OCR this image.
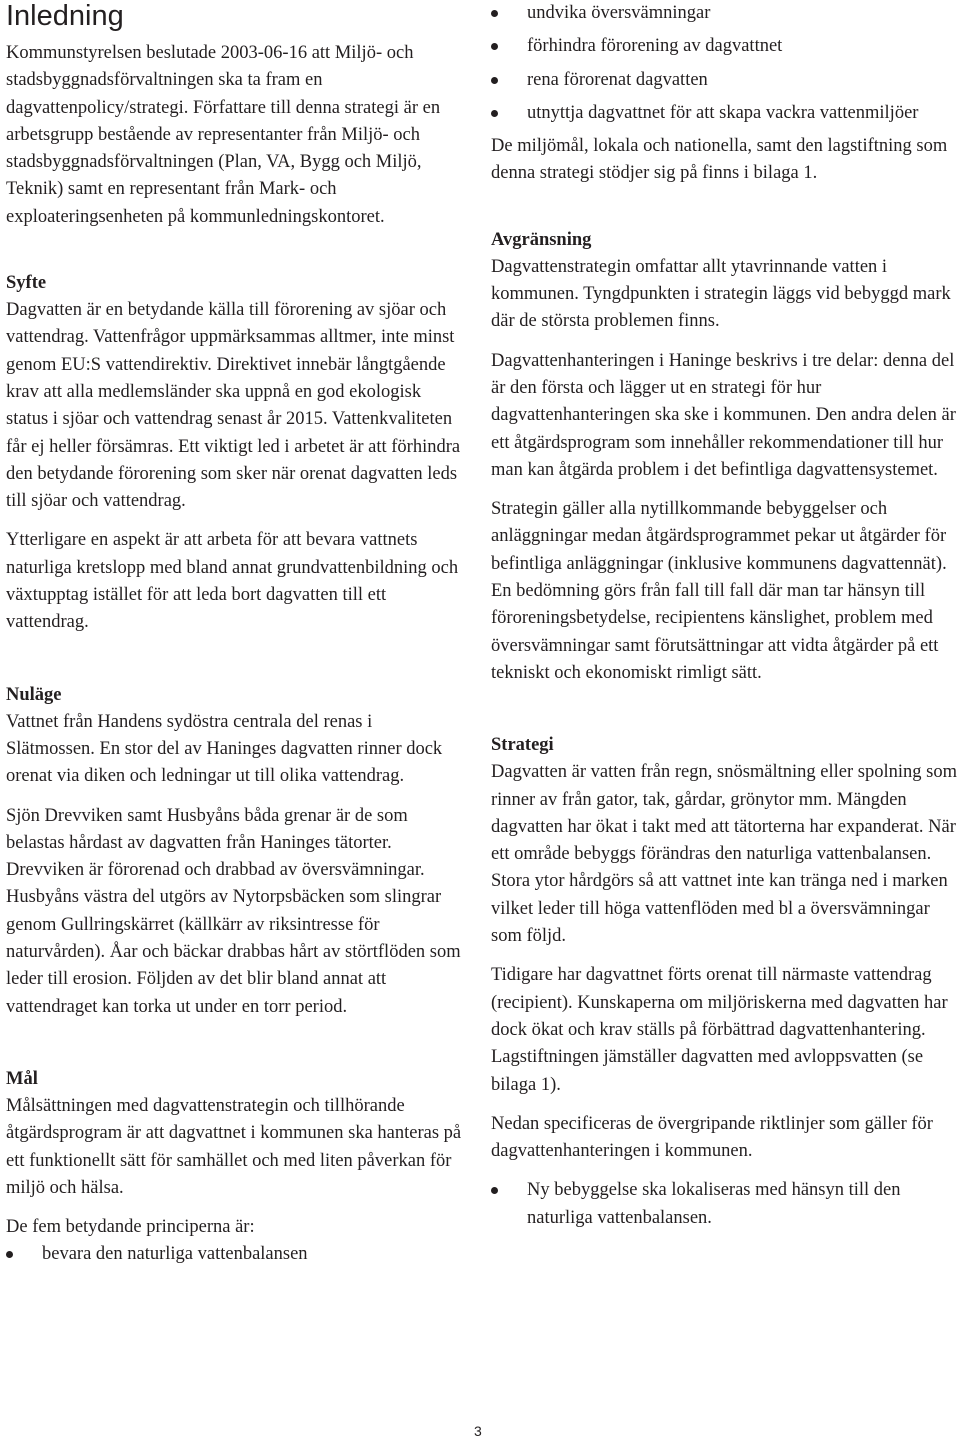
Inledning

Kommunstyrelsen beslutade 2003-06-16 att Miljö- och stadsbyggnadsförvaltningen ska ta fram en dagvattenpolicy/strategi. Författare till denna strategi är en arbetsgrupp bestående av representanter från Miljö- och stadsbyggnadsförvaltningen (Plan, VA, Bygg och Miljö, Teknik) samt en representant från Mark- och exploateringsenheten på kommunledningskontoret.

Syfte

Dagvatten är en betydande källa till förorening av sjöar och vattendrag. Vattenfrågor uppmärksammas alltmer, inte minst genom EU:S vattendirektiv. Direktivet innebär långtgående krav att alla medlemsländer ska uppnå en god ekologisk status i sjöar och vattendrag senast år 2015. Vattenkvaliteten får ej heller försämras. Ett viktigt led i arbetet är att förhindra den betydande förorening som sker när orenat dagvatten leds till sjöar och vattendrag.

Ytterligare en aspekt är att arbeta för att bevara vattnets naturliga kretslopp med bland annat grundvattenbildning och växtupptag istället för att leda bort dagvatten till ett vattendrag.

Nuläge

Vattnet från Handens sydöstra centrala del renas i Slätmossen. En stor del av Haninges dagvatten rinner dock orenat via diken och ledningar ut till olika vattendrag.

Sjön Drevviken samt Husbyåns båda grenar är de som belastas hårdast av dagvatten från Haninges tätorter. Drevviken är förorenad och drabbad av översvämningar. Husbyåns västra del utgörs av Nytorpsbäcken som slingrar genom Gullringskärret (källkärr av riksintresse för naturvården). Åar och bäckar drabbas hårt av störtflöden som leder till erosion. Följden av det blir bland annat att vattendraget kan torka ut under en torr period.

Mål

Målsättningen med dagvattenstrategin och tillhörande åtgärdsprogram är att dagvattnet i kommunen ska hanteras på ett funktionellt sätt för samhället och med liten påverkan för miljö och hälsa.

De fem betydande principerna är:

bevara den naturliga vattenbalansen
undvika översvämningar
förhindra förorening av dagvattnet
rena förorenat dagvatten
utnyttja dagvattnet för att skapa vackra vattenmiljöer

De miljömål, lokala och nationella, samt den lagstiftning som denna strategi stödjer sig på finns i bilaga 1.

Avgränsning

Dagvattenstrategin omfattar allt ytavrinnande vatten i kommunen. Tyngdpunkten i strategin läggs vid bebyggd mark där de största problemen finns.

Dagvattenhanteringen i Haninge beskrivs i tre delar: denna del är den första och lägger ut en strategi för hur dagvattenhanteringen ska ske i kommunen. Den andra delen är ett åtgärdsprogram som innehåller rekommendationer till hur man kan åtgärda problem i det befintliga dagvattensystemet.

Strategin gäller alla nytillkommande bebyggelser och anläggningar medan åtgärdsprogrammet pekar ut åtgärder för befintliga anläggningar (inklusive kommunens dagvattennät). En bedömning görs från fall till fall där man tar hänsyn till föroreningsbetydelse, recipientens känslighet, problem med översvämningar samt förutsättningar att vidta åtgärder på ett tekniskt och ekonomiskt rimligt sätt.

Strategi

Dagvatten är vatten från regn, snösmältning eller spolning som rinner av från gator, tak, gårdar, grönytor mm. Mängden dagvatten har ökat i takt med att tätorterna har expanderat. När ett område bebyggs förändras den naturliga vattenbalansen. Stora ytor hårdgörs så att vattnet inte kan tränga ned i marken vilket leder till höga vattenflöden med bl a översvämningar som följd.

Tidigare har dagvattnet förts orenat till närmaste vattendrag (recipient). Kunskaperna om miljöriskerna med dagvatten har dock ökat och krav ställs på förbättrad dagvattenhantering. Lagstiftningen jämställer dagvatten med avloppsvatten (se bilaga 1).

Nedan specificeras de övergripande riktlinjer som gäller för dagvattenhanteringen i kommunen.

Ny bebyggelse ska lokaliseras med hänsyn till den naturliga vattenbalansen.
3
